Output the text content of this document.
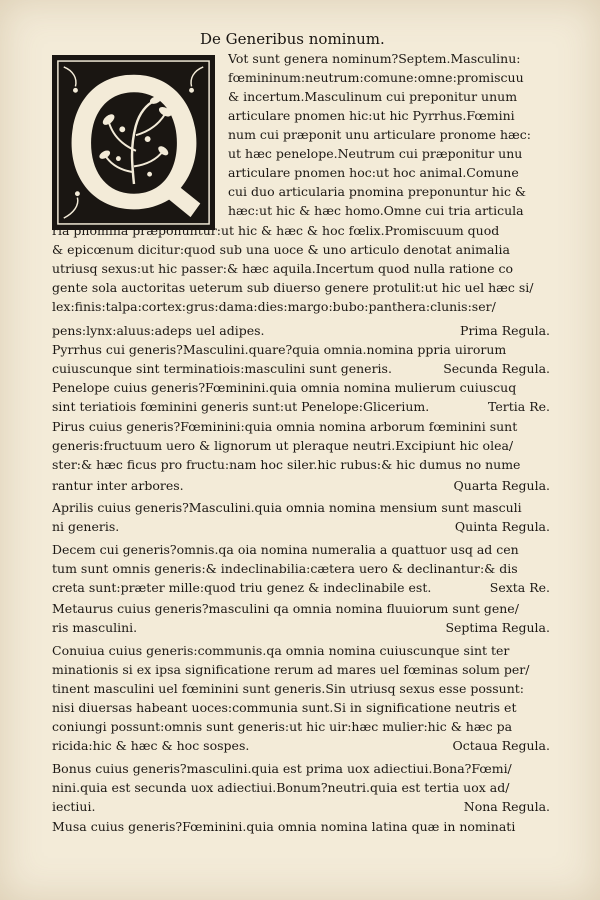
De Generibus nominum.
Vot sunt genera nominum?Septem.Masculinu:
fœmininum:neutrum:comune:omne:promiscuu
& incertum.Masculinum cui preponitur unum
articulare pnomen hic:ut hic Pyrrhus.Fœmini
num cui præponit unu articulare pronome hæc:
ut hæc penelope.Neutrum cui præponitur unu
articulare pnomen hoc:ut hoc animal.Comune
cui duo articularia pnomina preponuntur hic &
hæc:ut hic & hæc homo.Omne cui tria articula
ria pnomina præponuntur:ut hic & hæc & hoc fœlix.Promiscuum quod
& epicœnum dicitur:quod sub una uoce & uno articulo denotat animalia
utriusq sexus:ut hic passer:& hæc aquila.Incertum quod nulla ratione co
gente sola auctoritas ueterum sub diuerso genere protulit:ut hic uel hæc si/
lex:finis:talpa:cortex:grus:dama:dies:margo:bubo:panthera:clunis:ser/
pens:lynx:aluus:adeps uel adipes.	Prima Regula.
Pyrrhus cui generis?Masculini.quare?quia omnia.nomina ppria uirorum
cuiuscunque sint terminatiois:masculini sunt generis.	Secunda Regula.
Penelope cuius generis?Fœminini.quia omnia nomina mulierum cuiuscuq
sint teriatiois fœminini generis sunt:ut Penelope:Glicerium.	Tertia Re.
Pirus cuius generis?Fœminini:quia omnia nomina arborum fœminini sunt
generis:fructuum uero & lignorum ut pleraque neutri.Excipiunt hic olea/
ster:& hæc ficus pro fructu:nam hoc siler.hic rubus:& hic dumus no nume
rantur inter arbores.	Quarta Regula.
Aprilis cuius generis?Masculini.quia omnia nomina mensium sunt masculi
ni generis.	Quinta Regula.
Decem cui generis?omnis.qa oia nomina numeralia a quattuor usq ad cen
tum sunt omnis generis:& indeclinabilia:cætera uero & declinantur:& dis
creta sunt:præter mille:quod triu genez & indeclinabile est.	Sexta Re.
Metaurus cuius generis?masculini qa omnia nomina fluuiorum sunt gene/
ris masculini.	Septima Regula.
Conuiua cuius generis:communis.qa omnia nomina cuiuscunque sint ter
minationis si ex ipsa significatione rerum ad mares uel fœminas solum per/
tinent masculini uel fœminini sunt generis.Sin utriusq sexus esse possunt:
nisi diuersas habeant uoces:communia sunt.Si in significatione neutris et
coniungi possunt:omnis sunt generis:ut hic uir:hæc mulier:hic & hæc pa
ricida:hic & hæc & hoc sospes.	Octaua Regula.
Bonus cuius generis?masculini.quia est prima uox adiectiui.Bona?Fœmi/
nini.quia est secunda uox adiectiui.Bonum?neutri.quia est tertia uox ad/
iectiui.	Nona Regula.
Musa cuius generis?Fœminini.quia omnia nomina latina quæ in nominati
